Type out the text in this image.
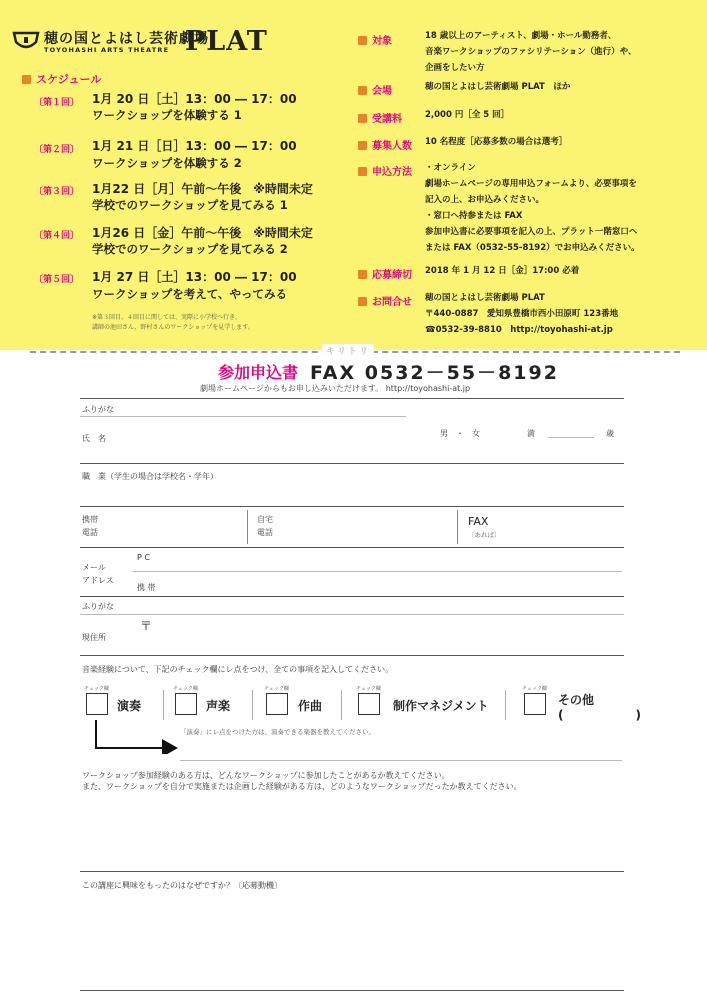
穂の国とよはし芸術劇場
TOYOHASHI ARTS THEATRE PLAT
スケジュール
〔第１回〕 1月 20 日［土］13：00 ― 17：00
ワークショップを体験する 1
〔第２回〕 1月 21 日［日］13：00 ― 17：00
ワークショップを体験する 2
〔第３回〕 1月22 日［月］午前～午後　※時間未定
学校でのワークショップを見てみる 1
〔第４回〕 1月26 日［金］午前～午後　※時間未定
学校でのワークショップを見てみる 2
〔第５回〕 1月 27 日［土］13：00 ― 17：00
ワークショップを考えて、やってみる
※第３回目、４回目に関しては、実際に小学校へ行き、
講師の池田さん、野村さんのワークショップを見学します。
対象	18 歳以上のアーティスト、劇場・ホール勤務者、
音楽ワークショップのファシリテーション（進行）や、
企画をしたい方
会場	穂の国とよはし芸術劇場 PLAT　ほか
受講料	2,000 円［全 5 回］
募集人数 10 名程度［応募多数の場合は選考］
申込方法 ・オンライン
劇場ホームページの専用申込フォームより、必要事項を
記入の上、お申込みください。
・窓口へ持参または FAX
参加申込書に必要事項を記入の上、プラット一階窓口へ
または FAX（0532-55-8192）でお申込みください。
応募締切 2018 年 1 月 12 日［金］17:00 必着
お問合せ 穂の国とよはし芸術劇場 PLAT
〒440-0887　愛知県豊橋市西小田原町 123番地
☎0532-39-8810　http://toyohashi-at.jp
キリトリ
参加申込書 FAX 0532－55－8192
劇場ホームページからもお申し込みいただけます。 http://toyohashi-at.jp
ふりがな
氏　名
男　・　女	満	歳
職　業（学生の場合は学校名・学年）
携帯
電話
自宅
電話
FAX
〔あれば〕
メール
アドレス
P C
携 帯
ふりがな
〒
現住所
音楽経験について、下記のチェック欄にレ点をつけ、全ての事項を記入してください。
チェック欄
演奏
チェック欄
声楽
チェック欄
作曲
チェック欄
制作マネジメント
チェック欄
その他
(　　　　　　)
「演奏」にレ点をつけた方は、演奏できる楽器を教えてください。
ワークショップ参加経験のある方は、どんなワークショップに参加したことがあるか教えてください。
また、ワークショップを自分で実施または企画した経験がある方は、どのようなワークショップだったか教えてください。
この講座に興味をもったのはなぜですか？〔応募動機〕
